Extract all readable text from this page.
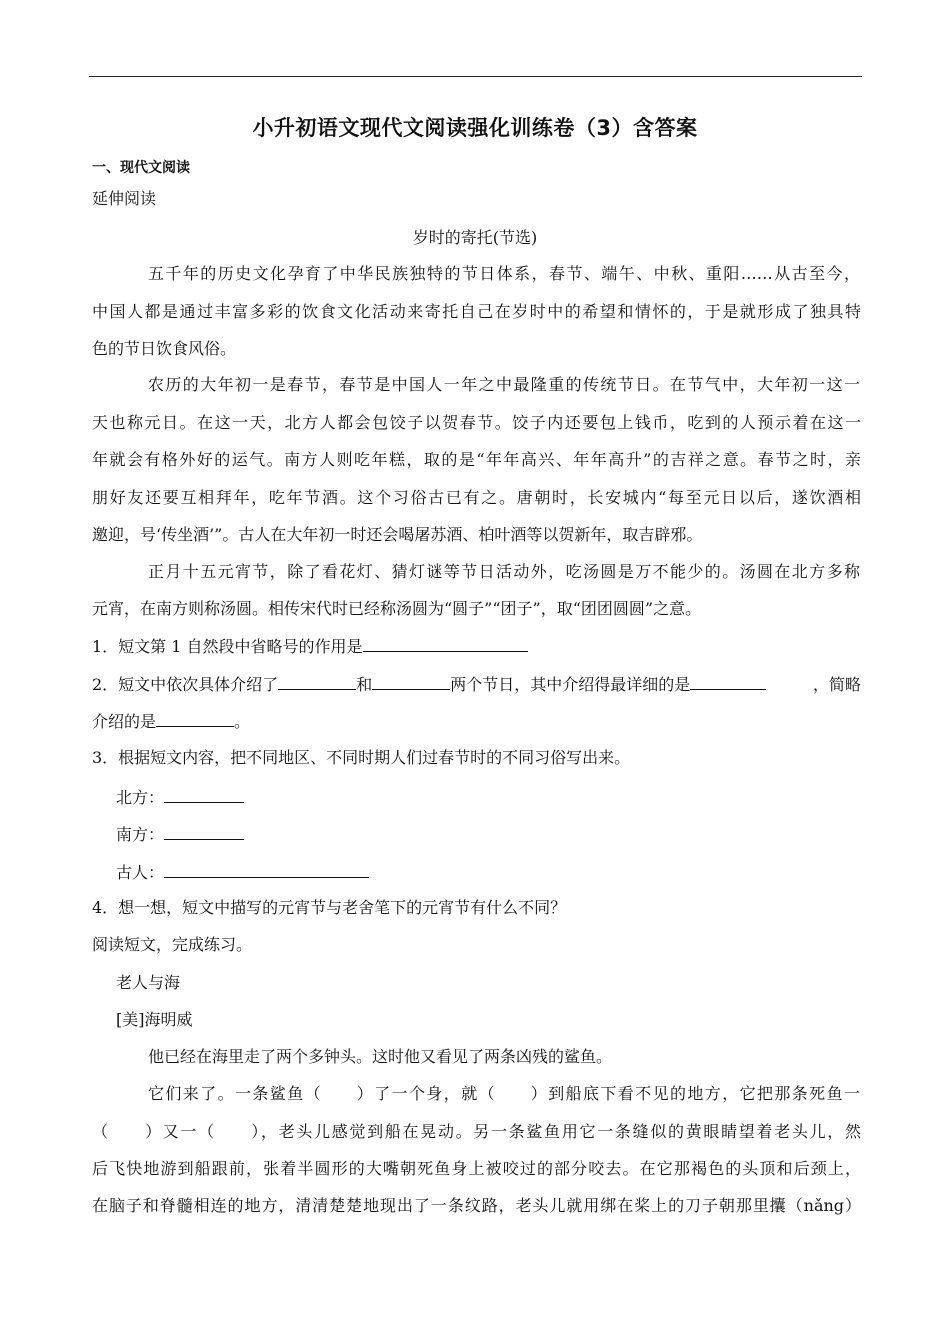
小升初语文现代文阅读强化训练卷（3）含答案
一、现代文阅读
延伸阅读
岁时的寄托(节选)
五千年的历史文化孕育了中华民族独特的节日体系，春节、端午、中秋、重阳……从古至今，
中国人都是通过丰富多彩的饮食文化活动来寄托自己在岁时中的希望和情怀的，于是就形成了独具特
色的节日饮食风俗。
农历的大年初一是春节，春节是中国人一年之中最隆重的传统节日。在节气中，大年初一这一
天也称元日。在这一天，北方人都会包饺子以贺春节。饺子内还要包上钱币，吃到的人预示着在这一
年就会有格外好的运气。南方人则吃年糕，取的是“年年高兴、年年高升”的吉祥之意。春节之时，亲
朋好友还要互相拜年，吃年节酒。这个习俗古已有之。唐朝时，长安城内“每至元日以后，遂饮酒相
邀迎，号‘传坐酒’”。古人在大年初一时还会喝屠苏酒、柏叶酒等以贺新年，取吉辟邪。
正月十五元宵节，除了看花灯、猜灯谜等节日活动外，吃汤圆是万不能少的。汤圆在北方多称
元宵，在南方则称汤圆。相传宋代时已经称汤圆为“圆子”“团子”，取“团团圆圆”之意。
1．短文第 1 自然段中省略号的作用是
2．短文中依次具体介绍了	和	两个节日，其中介绍得最详细的是	，简略
介绍的是	。
3．根据短文内容，把不同地区、不同时期人们过春节时的不同习俗写出来。
北方：
南方：
古人：
4．想一想，短文中描写的元宵节与老舍笔下的元宵节有什么不同？
阅读短文，完成练习。
老人与海
[美]海明威
他已经在海里走了两个多钟头。这时他又看见了两条凶残的鲨鱼。
它们来了。一条鲨鱼（　　）了一个身，就（　　）到船底下看不见的地方，它把那条死鱼一
（　　）又一（　　），老头儿感觉到船在晃动。另一条鲨鱼用它一条缝似的黄眼睛望着老头儿，然
后飞快地游到船跟前，张着半圆形的大嘴朝死鱼身上被咬过的部分咬去。在它那褐色的头顶和后颈上，
在脑子和脊髓相连的地方，清清楚楚地现出了一条纹路，老头儿就用绑在桨上的刀子朝那里攮（nǎng）
